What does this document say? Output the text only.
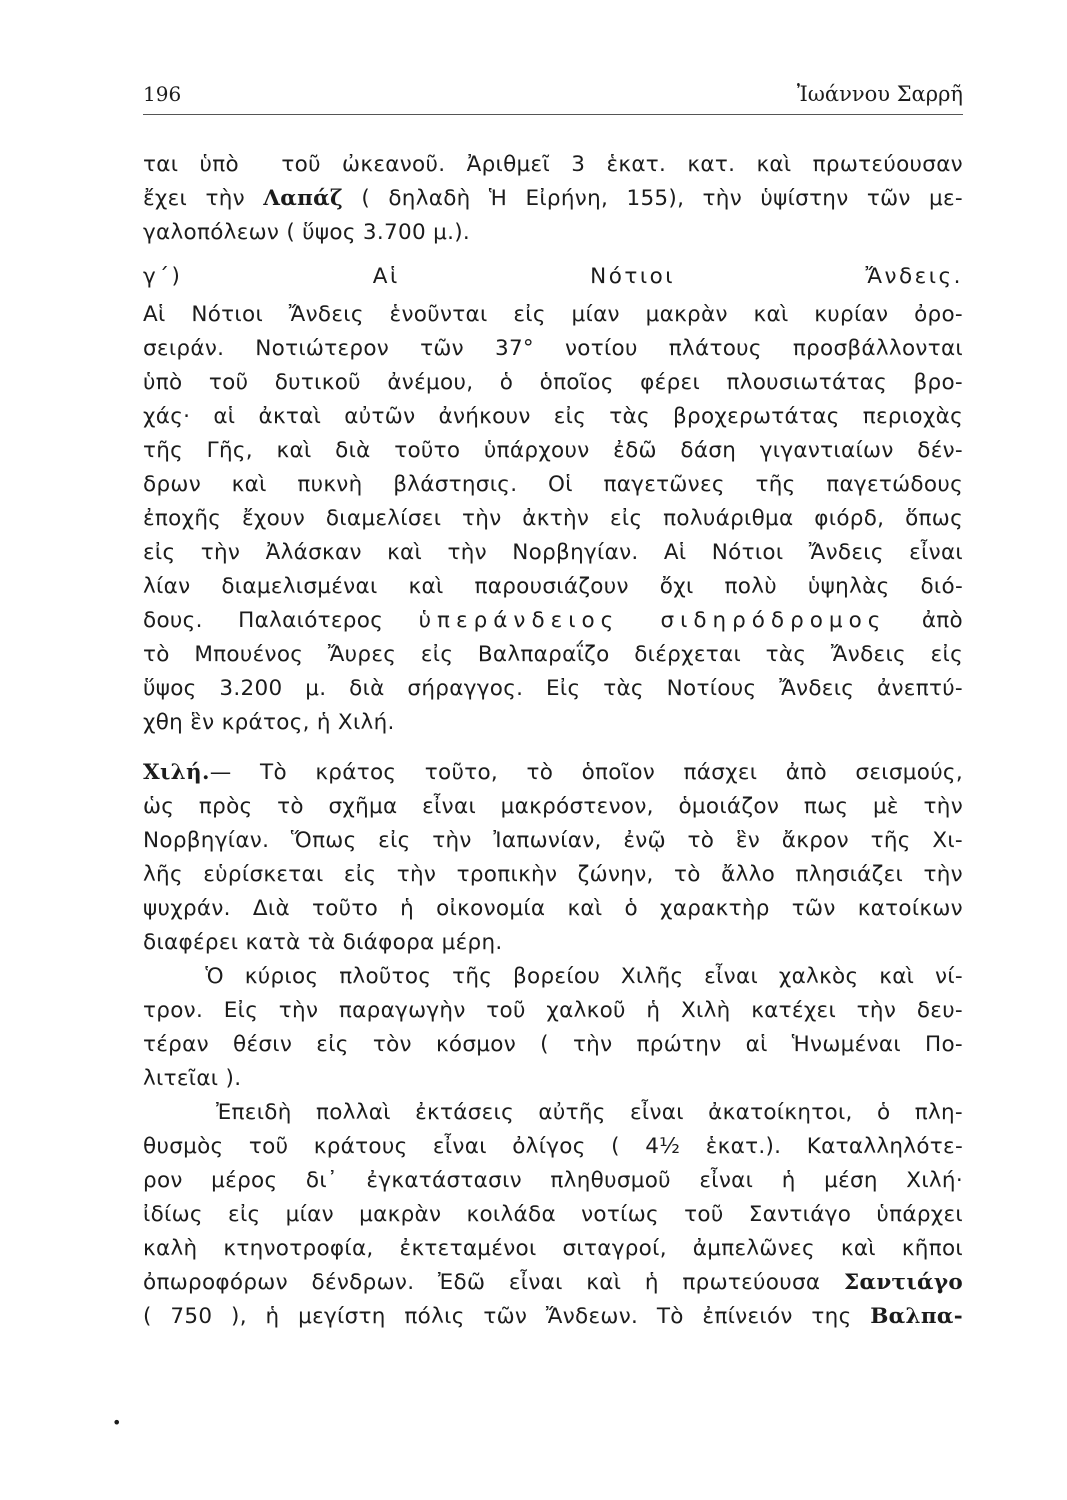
196	Ἰωάννου Σαρρῆ
ται ὑπὸ  τοῦ ὠκεανοῦ. Ἀριθμεῖ 3 ἑκατ. κατ. καὶ πρωτεύουσαν
ἔχει τὴν Λαπάζ ( δηλαδὴ Ἡ Εἰρήνη, 155), τὴν ὑψίστην τῶν με-
γαλοπόλεων ( ὕψος 3.700 μ.).
γ΄) Αἱ Νότιοι Ἄνδεις.
Αἱ Νότιοι Ἄνδεις ἑνοῦνται εἰς μίαν μακρὰν καὶ κυρίαν ὀρο-
σειράν. Νοτιώτερον τῶν 37° νοτίου πλάτους προσβάλλονται
ὑπὸ τοῦ δυτικοῦ ἀνέμου, ὁ ὁποῖος φέρει πλουσιωτάτας βρο-
χάς· αἱ ἀκταὶ αὐτῶν ἀνήκουν εἰς τὰς βροχερωτάτας περιοχὰς
τῆς Γῆς, καὶ διὰ τοῦτο ὑπάρχουν ἐδῶ δάση γιγαντιαίων δέν-
δρων καὶ πυκνὴ βλάστησις. Οἱ παγετῶνες τῆς παγετώδους
ἐποχῆς ἔχουν διαμελίσει τὴν ἀκτὴν εἰς πολυάριθμα φιόρδ, ὅπως
εἰς τὴν Ἀλάσκαν καὶ τὴν Νορβηγίαν. Αἱ Νότιοι Ἄνδεις εἶναι
λίαν διαμελισμέναι καὶ παρουσιάζουν ὄχι πολὺ ὑψηλὰς διό-
δους. Παλαιότερος ὑπεράνδειος σιδηρόδρομος ἀπὸ
τὸ Μπουένος Ἄυρες εἰς Βαλπαραΐζο διέρχεται τὰς Ἄνδεις εἰς
ὕψος 3.200 μ. διὰ σήραγγος. Εἰς τὰς Νοτίους Ἄνδεις ἀνεπτύ-
χθη ἓν κράτος, ἡ Χιλή.
Χιλή.— Τὸ κράτος τοῦτο, τὸ ὁποῖον πάσχει ἀπὸ σεισμούς,
ὡς πρὸς τὸ σχῆμα εἶναι μακρόστενον, ὁμοιάζον πως μὲ τὴν
Νορβηγίαν. Ὅπως εἰς τὴν Ἰαπωνίαν, ἐνῷ τὸ ἓν ἄκρον τῆς Χι-
λῆς εὑρίσκεται εἰς τὴν τροπικὴν ζώνην, τὸ ἄλλο πλησιάζει τὴν
ψυχράν. Διὰ τοῦτο ἡ οἰκονομία καὶ ὁ χαρακτὴρ τῶν κατοίκων
διαφέρει κατὰ τὰ διάφορα μέρη.
Ὁ κύριος πλοῦτος τῆς βορείου Χιλῆς εἶναι χαλκὸς καὶ νί-
τρον. Εἰς τὴν παραγωγὴν τοῦ χαλκοῦ ἡ Χιλὴ κατέχει τὴν δευ-
τέραν θέσιν εἰς τὸν κόσμον ( τὴν πρώτην αἱ Ἡνωμέναι Πο-
λιτεῖαι ).
Ἐπειδὴ πολλαὶ ἐκτάσεις αὐτῆς εἶναι ἀκατοίκητοι, ὁ πλη-
θυσμὸς τοῦ κράτους εἶναι ὀλίγος ( 4½ ἑκατ.). Καταλληλότε-
ρον μέρος δι᾽ ἐγκατάστασιν πληθυσμοῦ εἶναι ἡ μέση Χιλή·
ἰδίως εἰς μίαν μακρὰν κοιλάδα νοτίως τοῦ Σαντιάγο ὑπάρχει
καλὴ κτηνοτροφία, ἐκτεταμένοι σιταγροί, ἀμπελῶνες καὶ κῆποι
ὀπωροφόρων δένδρων. Ἐδῶ εἶναι καὶ ἡ πρωτεύουσα Σαντιάγο
( 750 ), ἡ μεγίστη πόλις τῶν Ἄνδεων. Τὸ ἐπίνειόν της Βαλπα-
•
